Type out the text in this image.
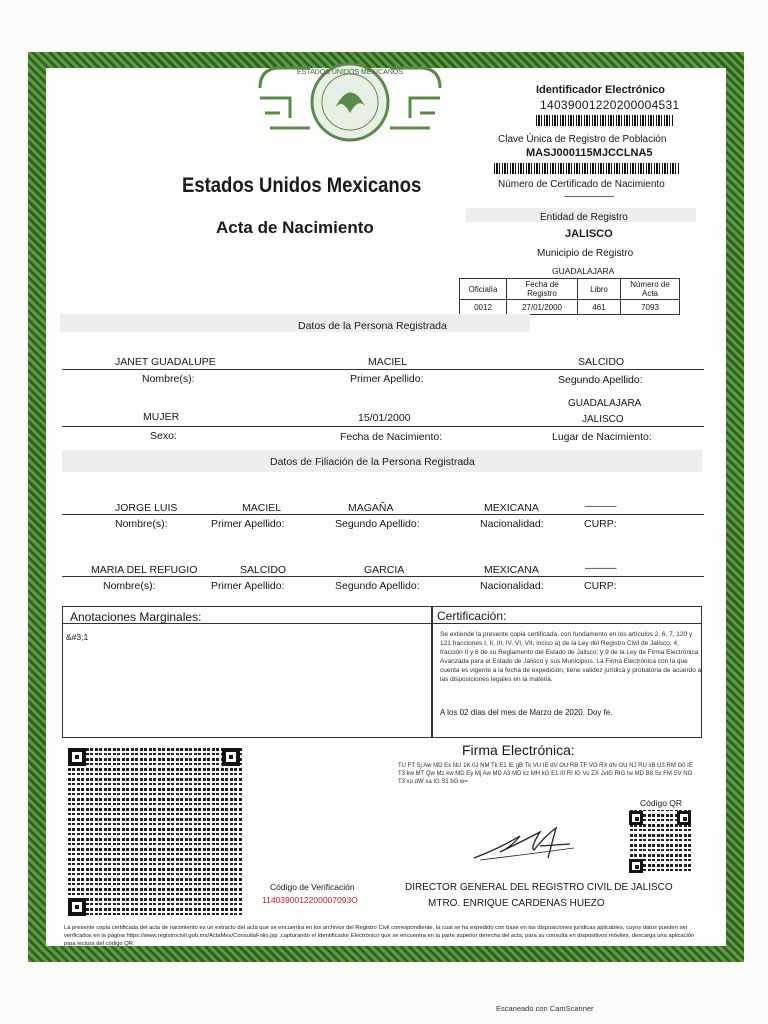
ESTADOS UNIDOS MEXICANOS
Estados Unidos Mexicanos
Acta de Nacimiento
Identificador Electrónico
14039001220200004531
Clave Única de Registro de Población
MASJ000115MJCCLNA5
Número de Certificado de Nacimiento
—————
Entidad de Registro
JALISCO
Municipio de Registro
GUADALAJARA
Oficialía	Fecha de Registro	Libro	Número de Acta
0012	27/01/2000	461	7093
Datos de la Persona Registrada
JANET GUADALUPE	MACIEL	SALCIDO
Nombre(s):	Primer Apellido:	Segundo Apellido:
GUADALAJARA
MUJER	15/01/2000	JALISCO
Sexo:	Fecha de Nacimiento:	Lugar de Nacimiento:
Datos de Filiación de la Persona Registrada
JORGE LUIS	MACIEL	MAGAÑA	MEXICANA	———
Nombre(s):	Primer Apellido:	Segundo Apellido:	Nacionalidad:	CURP:
MARIA DEL REFUGIO	SALCIDO	GARCIA	MEXICANA	———
Nombre(s):	Primer Apellido:	Segundo Apellido:	Nacionalidad:	CURP:
Anotaciones Marginales:
&#3;1
Certificación:
Se extiende la presente copia certificada, con fundamento en los artículos 2, 6, 7, 120 y 121 fracciones I, II, III, IV, VI, VII, inciso a) de la Ley del Registro Civil de Jalisco; 4, fracción II y 6 de su Reglamento del Estado de Jalisco; y 9 de la Ley de Firma Electrónica Avanzada para el Estado de Jalisco y sus Municipios. La Firma Electrónica con la que cuenta es vigente a la fecha de expedición, tiene validez jurídica y probatoria de acuerdo a las disposiciones legales en la materia.
A los 02 días del mes de Marzo de 2020. Doy fe.
Firma Electrónica:
TU FT Sj Aw MD Ex NU 1K 0J NM Tk E1 IE gB Tk VU IE dV OU RB TF VO RX dN OU NJ RU xB U3 RM G0 IE T3 kw MT Qw Mz kw MD Ey Mj Aw MD A3 MD kz MH kG E1 I0 RI IG Vu ZX JvIG RIG Iw MD B8 Sx FM SV NO T3 xu dW xa IG S1 bG w=
Código de Verificación
1140390012200007093O
DIRECTOR GENERAL DEL REGISTRO CIVIL DE JALISCO
MTRO. ENRIQUE CARDENAS HUEZO
Código QR
La presente copia certificada del acta de nacimiento es un extracto del acta que se encuentra en los archivos del Registro Civil correspondiente, la cual se ha expedido con base en las disposiciones jurídicas aplicables, cuyos datos pueden ser verificados en la página https://www.registrocivil.gob.mx/ActaMex/ConsultaFolio.jsp ,capturando el Identificador Electrónico que se encuentra en la parte superior derecha del acta, para su consulta en dispositivos móviles, descarga una aplicación para lectura del código QR.
Escaneado con CamScanner
